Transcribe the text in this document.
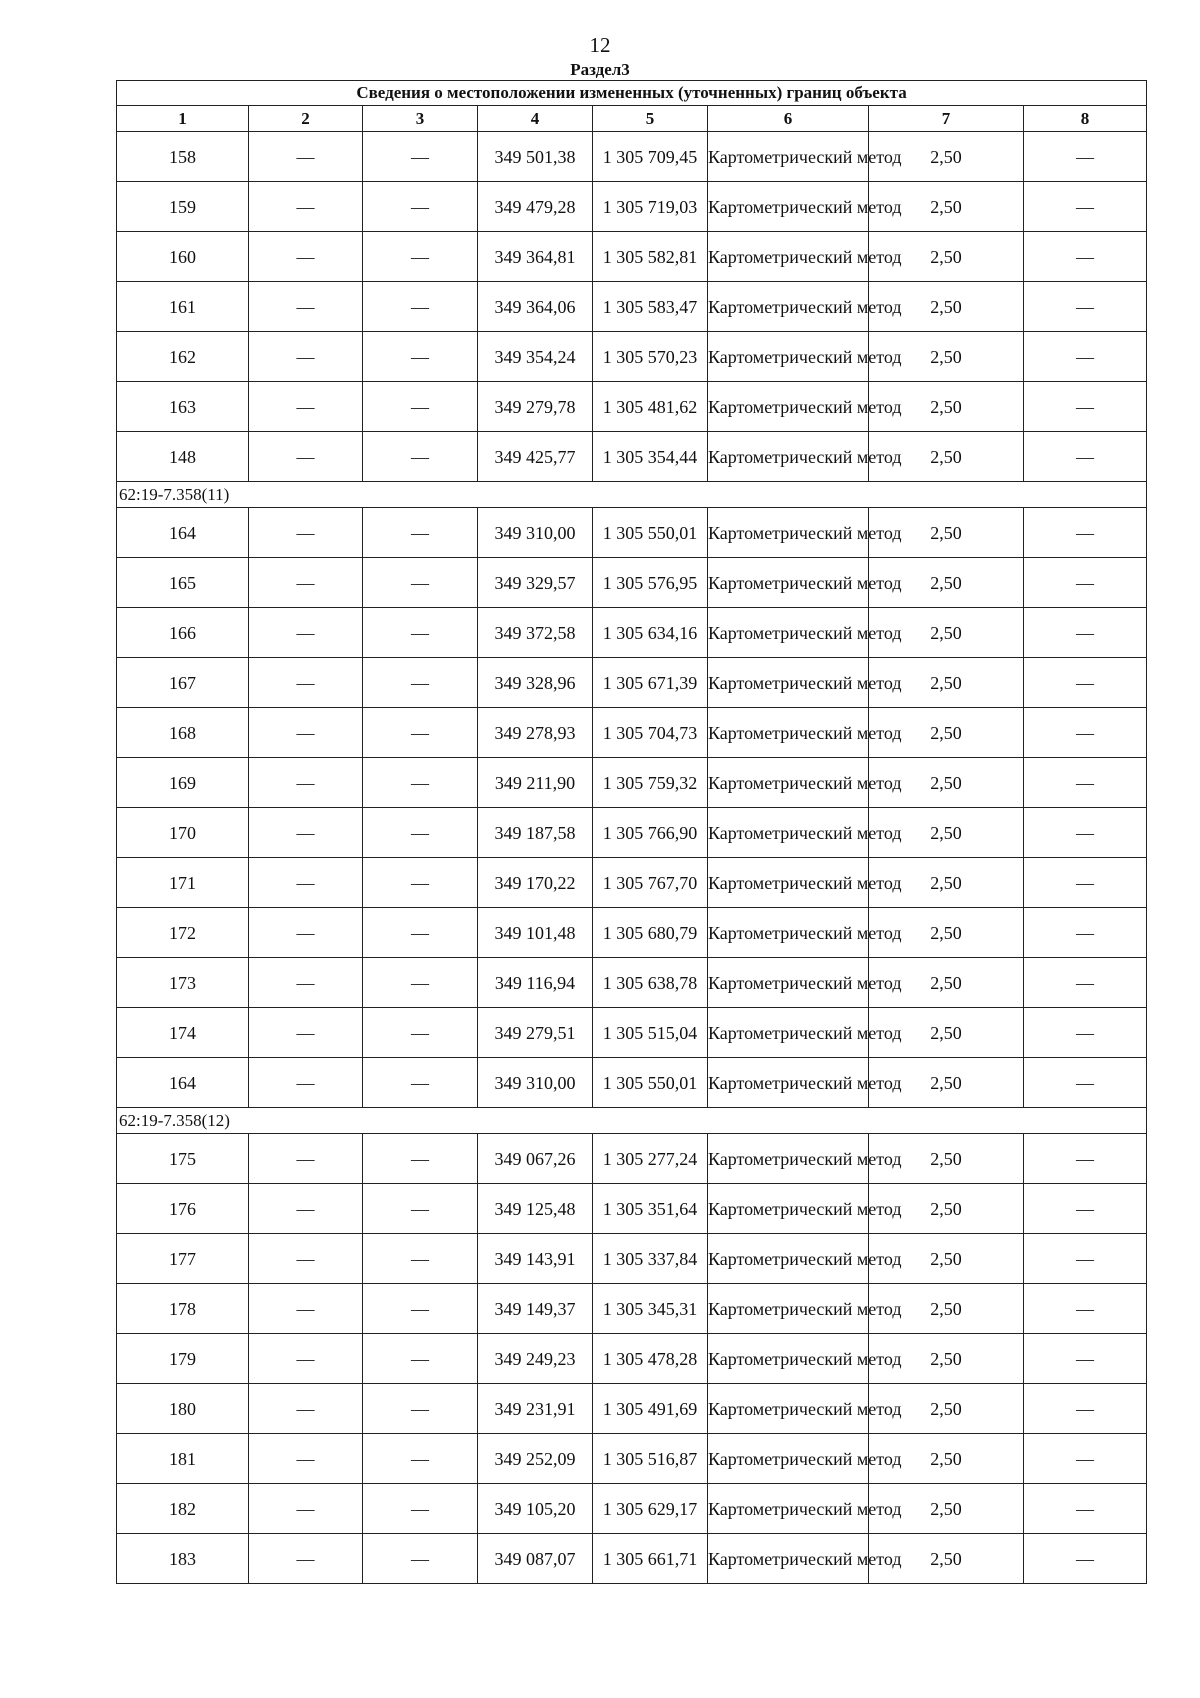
12
Раздел3
Сведения о местоположении измененных (уточненных) границ объекта							
1	2	3	4	5	6	7	8
158	—	—	349 501,38	1 305 709,45	Картометрический метод	2,50	—
159	—	—	349 479,28	1 305 719,03	Картометрический метод	2,50	—
160	—	—	349 364,81	1 305 582,81	Картометрический метод	2,50	—
161	—	—	349 364,06	1 305 583,47	Картометрический метод	2,50	—
162	—	—	349 354,24	1 305 570,23	Картометрический метод	2,50	—
163	—	—	349 279,78	1 305 481,62	Картометрический метод	2,50	—
148	—	—	349 425,77	1 305 354,44	Картометрический метод	2,50	—
62:19-7.358(11)							
164	—	—	349 310,00	1 305 550,01	Картометрический метод	2,50	—
165	—	—	349 329,57	1 305 576,95	Картометрический метод	2,50	—
166	—	—	349 372,58	1 305 634,16	Картометрический метод	2,50	—
167	—	—	349 328,96	1 305 671,39	Картометрический метод	2,50	—
168	—	—	349 278,93	1 305 704,73	Картометрический метод	2,50	—
169	—	—	349 211,90	1 305 759,32	Картометрический метод	2,50	—
170	—	—	349 187,58	1 305 766,90	Картометрический метод	2,50	—
171	—	—	349 170,22	1 305 767,70	Картометрический метод	2,50	—
172	—	—	349 101,48	1 305 680,79	Картометрический метод	2,50	—
173	—	—	349 116,94	1 305 638,78	Картометрический метод	2,50	—
174	—	—	349 279,51	1 305 515,04	Картометрический метод	2,50	—
164	—	—	349 310,00	1 305 550,01	Картометрический метод	2,50	—
62:19-7.358(12)							
175	—	—	349 067,26	1 305 277,24	Картометрический метод	2,50	—
176	—	—	349 125,48	1 305 351,64	Картометрический метод	2,50	—
177	—	—	349 143,91	1 305 337,84	Картометрический метод	2,50	—
178	—	—	349 149,37	1 305 345,31	Картометрический метод	2,50	—
179	—	—	349 249,23	1 305 478,28	Картометрический метод	2,50	—
180	—	—	349 231,91	1 305 491,69	Картометрический метод	2,50	—
181	—	—	349 252,09	1 305 516,87	Картометрический метод	2,50	—
182	—	—	349 105,20	1 305 629,17	Картометрический метод	2,50	—
183	—	—	349 087,07	1 305 661,71	Картометрический метод	2,50	—
